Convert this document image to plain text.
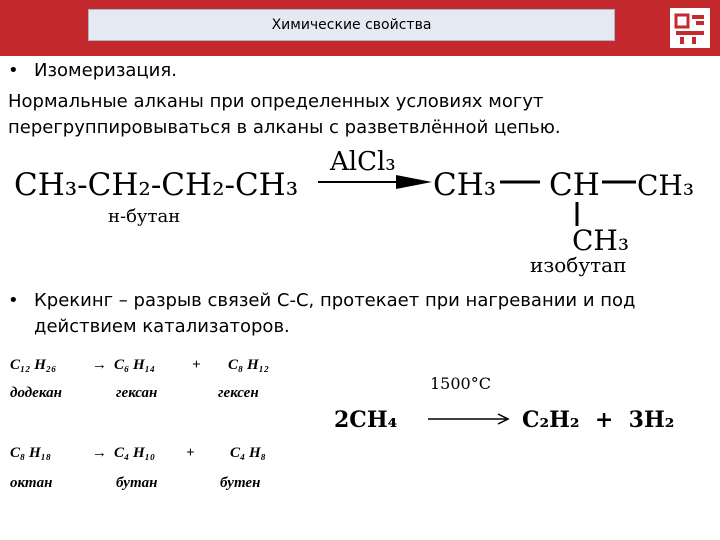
Химические свойства
• Изомеризация.
Нормальные алканы при определенных условиях могут
перегруппировываться в алканы с разветвлённой цепью.
CH₃-CH₂-CH₂-CH₃
н-бутан
AlCl₃
CH₃ CH CH₃
CH₃
изобутап
• Крекинг – разрыв связей С-С, протекает при нагревании и под
действием катализаторов.
C₁₂ H₂₆ → C₆ H₁₄ + C₈ H₁₂
додекан	гексан	гексен
C₈ H₁₈	→ C₄ H₁₀ + C₄ H₈
октан	бутан	бутен
1500°C
2CH₄	C₂H₂  +  3H₂
